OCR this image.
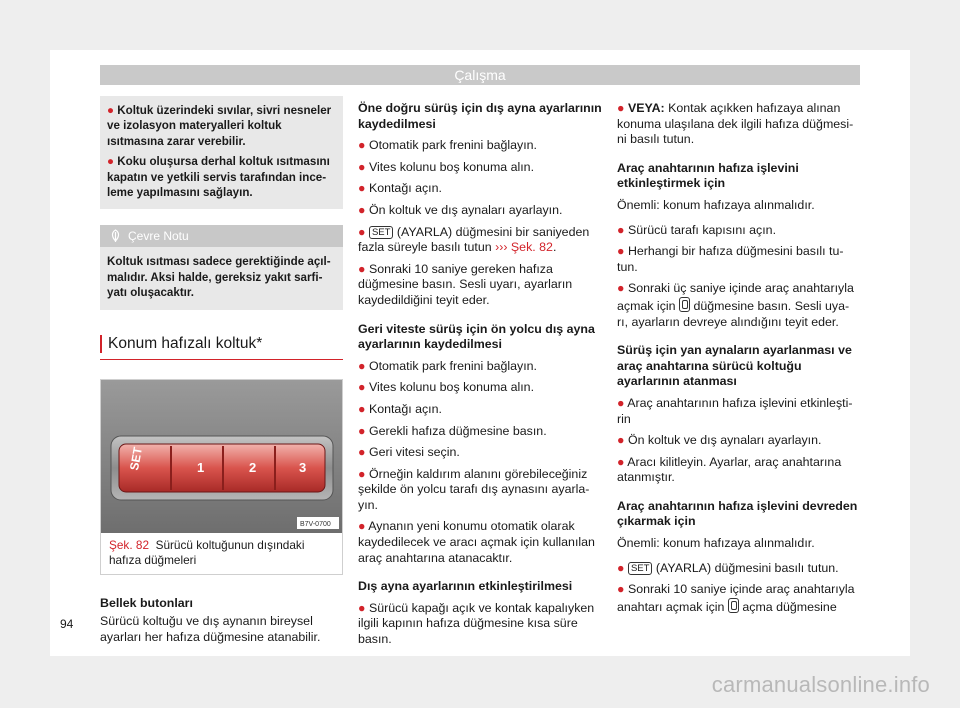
Çalışma

● Koltuk üzerindeki sıvılar, sivri nesneler ve izolasyon materyalleri koltuk ısıtmasına zarar verebilir.

● Koku oluşursa derhal koltuk ısıtmasını kapatın ve yetkili servis tarafından ince-leme yapılmasını sağlayın.

Çevre Notu
Koltuk ısıtması sadece gerektiğinde açıl-malıdır. Aksi halde, gereksiz yakıt sarfi-yatı oluşacaktır.
Konum hafızalı koltuk*
SET	1	2	3
B7V-0700
Şek. 82 Sürücü koltuğunun dışındaki hafıza düğmeleri

Bellek butonları

Sürücü koltuğu ve dış aynanın bireysel ayarları her hafıza düğmesine atanabilir.

Öne doğru sürüş için dış ayna ayarlarının kaydedilmesi

● Otomatik park frenini bağlayın.

● Vites kolunu boş konuma alın.

● Kontağı açın.

● Ön koltuk ve dış aynaları ayarlayın.

● SET (AYARLA) düğmesini bir saniyeden fazla süreyle basılı tutun ››› Şek. 82.

● Sonraki 10 saniye gereken hafıza düğmesine basın. Sesli uyarı, ayarların kaydedildiğini teyit eder.

Geri viteste sürüş için ön yolcu dış ayna ayarlarının kaydedilmesi

● Otomatik park frenini bağlayın.

● Vites kolunu boş konuma alın.

● Kontağı açın.

● Gerekli hafıza düğmesine basın.

● Geri vitesi seçin.

● Örneğin kaldırım alanını görebileceğiniz şekilde ön yolcu tarafı dış aynasını ayarla-yın.

● Aynanın yeni konumu otomatik olarak kaydedilecek ve aracı açmak için kullanılan araç anahtarına atanacaktır.

Dış ayna ayarlarının etkinleştirilmesi

● Sürücü kapağı açık ve kontak kapalıyken ilgili kapının hafıza düğmesine kısa süre basın.

● VEYA: Kontak açıkken hafızaya alınan konuma ulaşılana dek ilgili hafıza düğmesi-ni basılı tutun.

Araç anahtarının hafıza işlevini etkinleştirmek için

Önemli: konum hafızaya alınmalıdır.

● Sürücü tarafı kapısını açın.

● Herhangi bir hafıza düğmesini basılı tu-tun.

● Sonraki üç saniye içinde araç anahtarıyla açmak için düğmesine basın. Sesli uya-rı, ayarların devreye alındığını teyit eder.

Sürüş için yan aynaların ayarlanması ve araç anahtarına sürücü koltuğu ayarlarının atanması

● Araç anahtarının hafıza işlevini etkinleşti-rin

● Ön koltuk ve dış aynaları ayarlayın.

● Aracı kilitleyin. Ayarlar, araç anahtarına atanmıştır.

Araç anahtarının hafıza işlevini devreden çıkarmak için

Önemli: konum hafızaya alınmalıdır.

● SET (AYARLA) düğmesini basılı tutun.

● Sonraki 10 saniye içinde araç anahtarıyla anahtarı açmak için açma düğmesine

94
carmanualsonline.info
